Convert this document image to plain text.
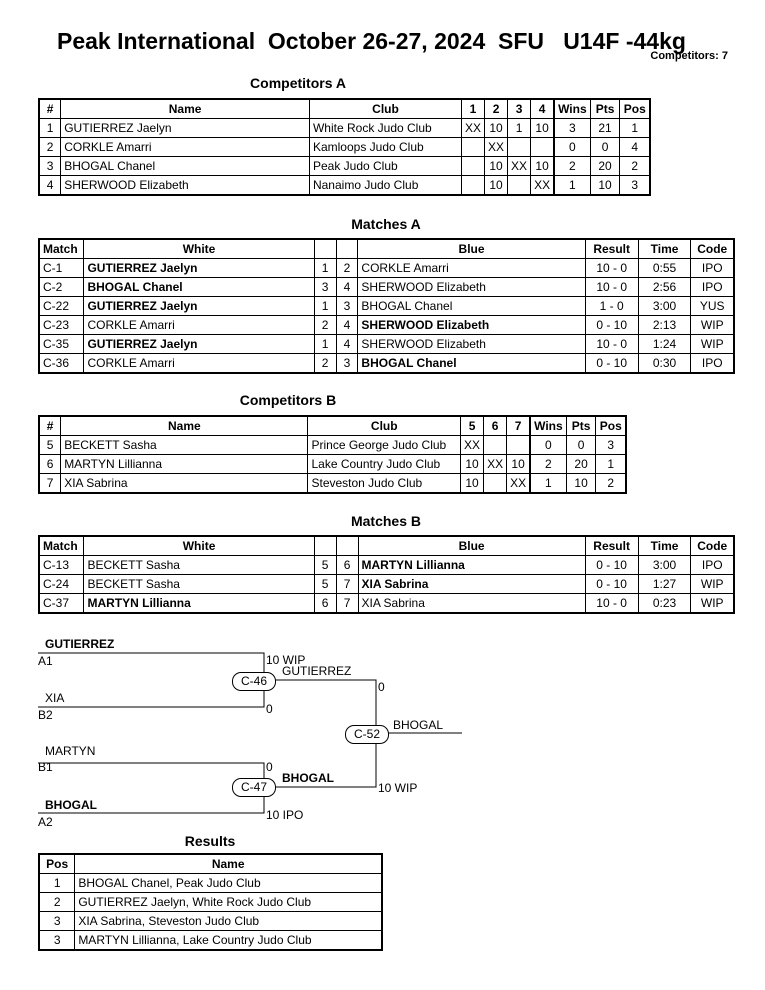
Peak International  October 26-27, 2024  SFU   U14F -44kg
Competitors: 7
Competitors A
#	Name	Club	1	2	3	4	Wins	Pts	Pos
1	GUTIERREZ Jaelyn	White Rock Judo Club	XX	10	1	10	3	21	1
2	CORKLE Amarri	Kamloops Judo Club		XX			0	0	4
3	BHOGAL Chanel	Peak Judo Club		10	XX	10	2	20	2
4	SHERWOOD Elizabeth	Nanaimo Judo Club		10		XX	1	10	3
Matches A
Match	White			Blue	Result	Time	Code
C-1	GUTIERREZ Jaelyn	1	2	CORKLE Amarri	10 - 0	0:55	IPO
C-2	BHOGAL Chanel	3	4	SHERWOOD Elizabeth	10 - 0	2:56	IPO
C-22	GUTIERREZ Jaelyn	1	3	BHOGAL Chanel	1 - 0	3:00	YUS
C-23	CORKLE Amarri	2	4	SHERWOOD Elizabeth	0 - 10	2:13	WIP
C-35	GUTIERREZ Jaelyn	1	4	SHERWOOD Elizabeth	10 - 0	1:24	WIP
C-36	CORKLE Amarri	2	3	BHOGAL Chanel	0 - 10	0:30	IPO
Competitors B
#	Name	Club	5	6	7	Wins	Pts	Pos
5	BECKETT Sasha	Prince George Judo Club	XX			0	0	3
6	MARTYN Lillianna	Lake Country Judo Club	10	XX	10	2	20	1
7	XIA Sabrina	Steveston Judo Club	10		XX	1	10	2
Matches B
Match	White			Blue	Result	Time	Code
C-13	BECKETT Sasha	5	6	MARTYN Lillianna	0 - 10	3:00	IPO
C-24	BECKETT Sasha	5	7	XIA Sabrina	0 - 10	1:27	WIP
C-37	MARTYN Lillianna	6	7	XIA Sabrina	10 - 0	0:23	WIP
GUTIERREZ
A1
XIA
B2
10 WIP
0
C-46
GUTIERREZ
MARTYN
B1
BHOGAL
A2
0
10 IPO
C-47
BHOGAL
0
10 WIP
C-52
BHOGAL
Results
Pos	Name
1	BHOGAL Chanel, Peak Judo Club
2	GUTIERREZ Jaelyn, White Rock Judo Club
3	XIA Sabrina, Steveston Judo Club
3	MARTYN Lillianna, Lake Country Judo Club
